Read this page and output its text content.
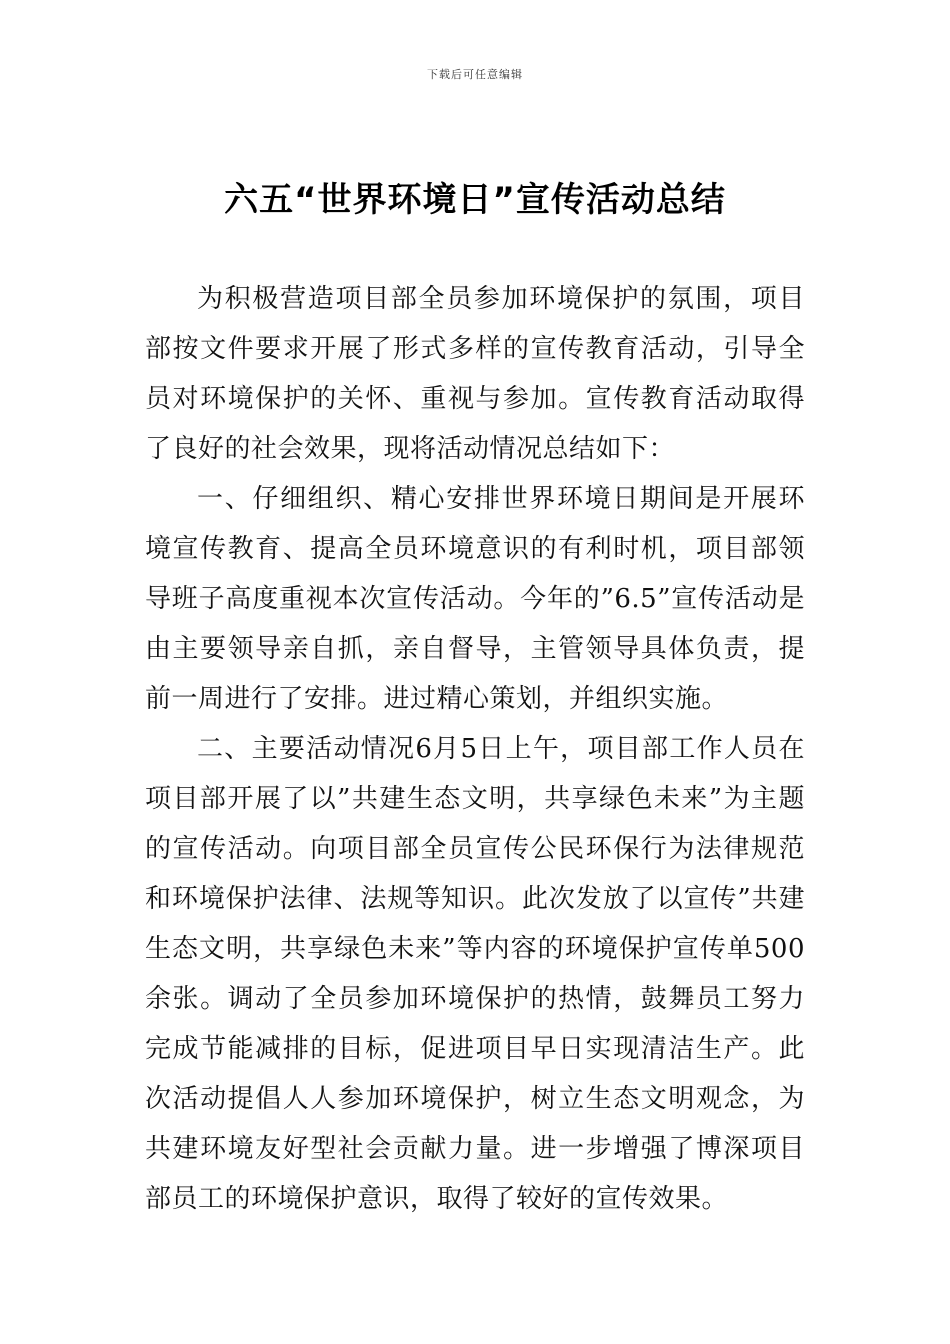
下载后可任意编辑
六五“世界环境日”宣传活动总结

为积极营造项目部全员参加环境保护的氛围，项目部按文件要求开展了形式多样的宣传教育活动，引导全员对环境保护的关怀、重视与参加。宣传教育活动取得了良好的社会效果，现将活动情况总结如下：

一、仔细组织、精心安排世界环境日期间是开展环境宣传教育、提高全员环境意识的有利时机，项目部领导班子高度重视本次宣传活动。今年的”6.5”宣传活动是由主要领导亲自抓，亲自督导，主管领导具体负责，提前一周进行了安排。进过精心策划，并组织实施。

二、主要活动情况6月5日上午，项目部工作人员在项目部开展了以”共建生态文明，共享绿色未来”为主题的宣传活动。向项目部全员宣传公民环保行为法律规范和环境保护法律、法规等知识。此次发放了以宣传”共建生态文明，共享绿色未来”等内容的环境保护宣传单500余张。调动了全员参加环境保护的热情，鼓舞员工努力完成节能减排的目标，促进项目早日实现清洁生产。此次活动提倡人人参加环境保护，树立生态文明观念，为共建环境友好型社会贡献力量。进一步增强了博深项目部员工的环境保护意识，取得了较好的宣传效果。
